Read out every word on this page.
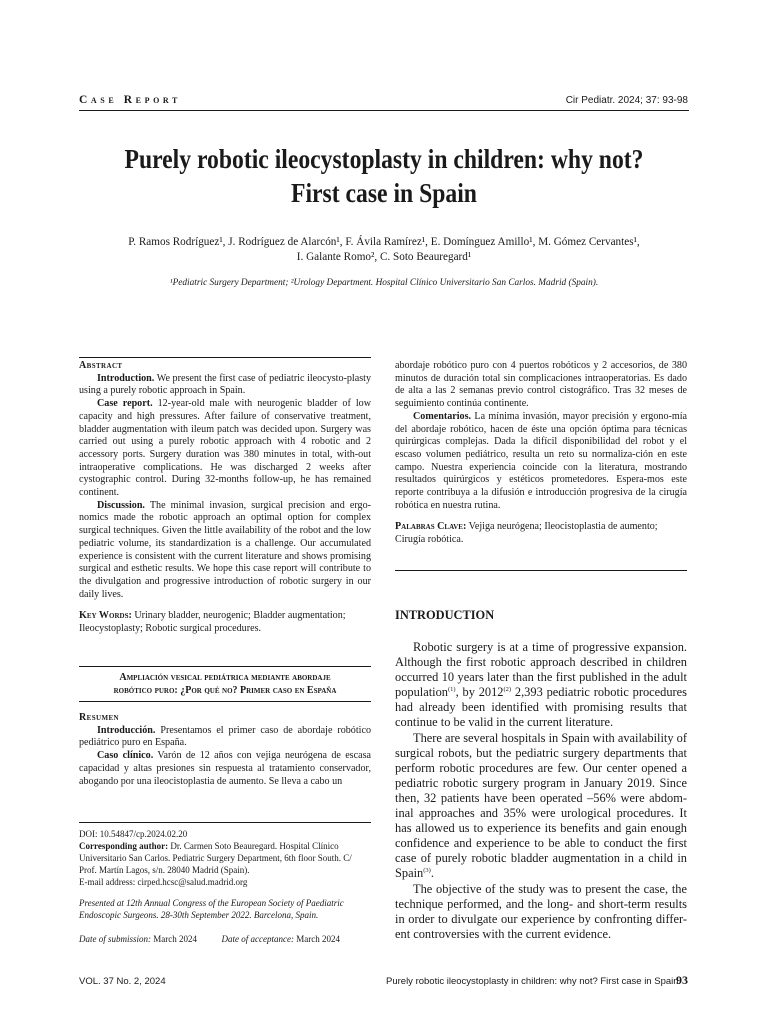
Case Report	Cir Pediatr. 2024; 37: 93-98
Purely robotic ileocystoplasty in children: why not?
First case in Spain
P. Ramos Rodríguez¹, J. Rodríguez de Alarcón¹, F. Ávila Ramírez¹, E. Domínguez Amillo¹, M. Gómez Cervantes¹,
I. Galante Romo², C. Soto Beauregard¹
¹Pediatric Surgery Department; ²Urology Department. Hospital Clínico Universitario San Carlos. Madrid (Spain).
Abstract

Introduction. We present the first case of pediatric ileocysto-plasty using a purely robotic approach in Spain.

Case report. 12-year-old male with neurogenic bladder of low capacity and high pressures. After failure of conservative treatment, bladder augmentation with ileum patch was decided upon. Surgery was carried out using a purely robotic approach with 4 robotic and 2 accessory ports. Surgery duration was 380 minutes in total, with-out intraoperative complications. He was discharged 2 weeks after cystographic control. During 32-months follow-up, he has remained continent.

Discussion. The minimal invasion, surgical precision and ergo-nomics made the robotic approach an optimal option for complex surgical techniques. Given the little availability of the robot and the low pediatric volume, its standardization is a challenge. Our accumulated experience is consistent with the current literature and shows promising surgical and esthetic results. We hope this case report will contribute to the divulgation and progressive introduction of robotic surgery in our daily lives.

Key Words: Urinary bladder, neurogenic; Bladder augmentation; Ileocystoplasty; Robotic surgical procedures.

Ampliación vesical pediátrica mediante abordaje
robótico puro: ¿Por qué no? Primer caso en España
Resumen

Introducción. Presentamos el primer caso de abordaje robótico pediátrico puro en España.

Caso clínico. Varón de 12 años con vejiga neurógena de escasa capacidad y altas presiones sin respuesta al tratamiento conservador, abogando por una ileocistoplastia de aumento. Se lleva a cabo un

DOI: 10.54847/cp.2024.02.20
Corresponding author: Dr. Carmen Soto Beauregard. Hospital Clínico Universitario San Carlos. Pediatric Surgery Department, 6th floor South. C/ Prof. Martín Lagos, s/n. 28040 Madrid (Spain).
E-mail address: cirped.hcsc@salud.madrid.org
Presented at 12th Annual Congress of the European Society of Paediatric Endoscopic Surgeons. 28-30th September 2022. Barcelona, Spain.
Date of submission: March 2024	Date of acceptance: March 2024

abordaje robótico puro con 4 puertos robóticos y 2 accesorios, de 380 minutos de duración total sin complicaciones intraoperatorias. Es dado de alta a las 2 semanas previo control cistográfico. Tras 32 meses de seguimiento continúa continente.

Comentarios. La mínima invasión, mayor precisión y ergono-mía del abordaje robótico, hacen de éste una opción óptima para técnicas quirúrgicas complejas. Dada la difícil disponibilidad del robot y el escaso volumen pediátrico, resulta un reto su normaliza-ción en este campo. Nuestra experiencia coincide con la literatura, mostrando resultados quirúrgicos y estéticos prometedores. Espera-mos este reporte contribuya a la difusión e introducción progresiva de la cirugía robótica en nuestra rutina.

Palabras Clave: Vejiga neurógena; Ileocistoplastia de aumento; Cirugía robótica.

INTRODUCTION

Robotic surgery is at a time of progressive expansion. Although the first robotic approach described in children occurred 10 years later than the first published in the adult population$^{(1)}$, by 2012$^{(2)}$ 2,393 pediatric robotic procedures had already been identified with promising results that continue to be valid in the current literature.

There are several hospitals in Spain with availability of surgical robots, but the pediatric surgery departments that perform robotic procedures are few. Our center opened a pediatric robotic surgery program in January 2019. Since then, 32 patients have been operated –56% were abdom-inal approaches and 35% were urological procedures. It has allowed us to experience its benefits and gain enough confidence and experience to be able to conduct the first case of purely robotic bladder augmentation in a child in Spain$^{(3)}$.

The objective of the study was to present the case, the technique performed, and the long- and short-term results in order to divulgate our experience by confronting differ-ent controversies with the current evidence.

VOL. 37 No. 2, 2024	Purely robotic ileocystoplasty in children: why not? First case in Spain
93
